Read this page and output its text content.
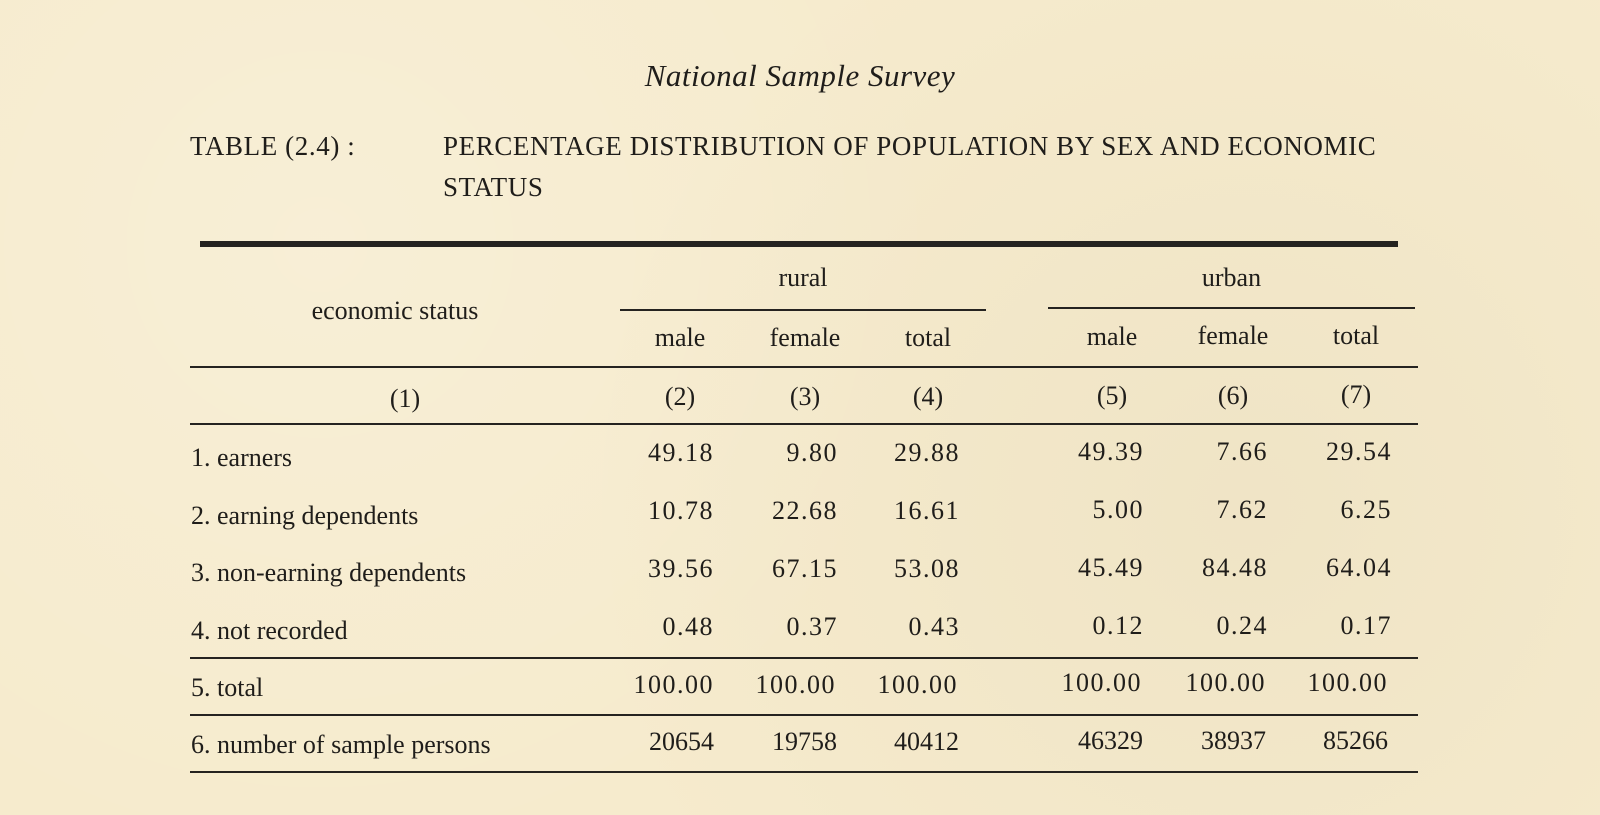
National Sample Survey
TABLE (2.4) :	PERCENTAGE DISTRIBUTION OF POPULATION BY SEX AND ECONOMIC STATUS
economic status
rural	urban
male	female	total	male	female	total
(1)	(2)	(3)	(4)	(5)	(6)	(7)
1. earners	49.18	9.80	29.88	49.39	7.66	29.54
2. earning dependents	10.78	22.68	16.61	5.00	7.62	6.25
3. non-earning dependents	39.56	67.15	53.08	45.49	84.48	64.04
4. not recorded	0.48	0.37	0.43	0.12	0.24	0.17
5. total	100.00	100.00	100.00	100.00	100.00	100.00
6. number of sample persons	20654	19758	40412	46329	38937	85266
